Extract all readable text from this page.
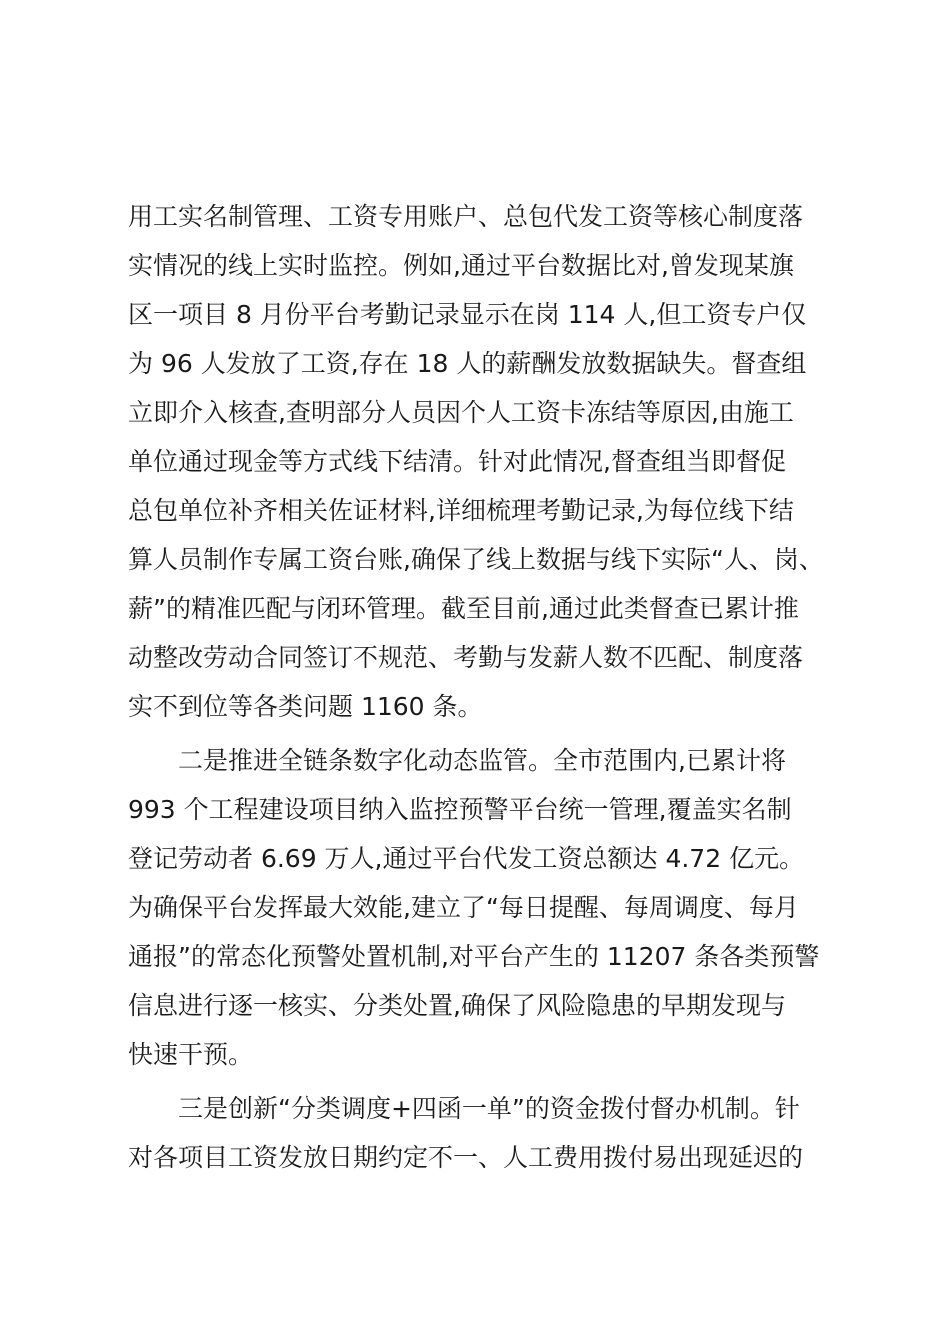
用工实名制管理、工资专用账户、总包代发工资等核心制度落
实情况的线上实时监控。例如,通过平台数据比对,曾发现某旗
区一项目 8 月份平台考勤记录显示在岗 114 人,但工资专户仅
为 96 人发放了工资,存在 18 人的薪酬发放数据缺失。督查组
立即介入核查,查明部分人员因个人工资卡冻结等原因,由施工
单位通过现金等方式线下结清。针对此情况,督查组当即督促
总包单位补齐相关佐证材料,详细梳理考勤记录,为每位线下结
算人员制作专属工资台账,确保了线上数据与线下实际“人、岗、
薪”的精准匹配与闭环管理。截至目前,通过此类督查已累计推
动整改劳动合同签订不规范、考勤与发薪人数不匹配、制度落
实不到位等各类问题 1160 条。

二是推进全链条数字化动态监管。全市范围内,已累计将
993 个工程建设项目纳入监控预警平台统一管理,覆盖实名制
登记劳动者 6.69 万人,通过平台代发工资总额达 4.72 亿元。
为确保平台发挥最大效能,建立了“每日提醒、每周调度、每月
通报”的常态化预警处置机制,对平台产生的 11207 条各类预警
信息进行逐一核实、分类处置,确保了风险隐患的早期发现与
快速干预。

三是创新“分类调度+四函一单”的资金拨付督办机制。针
对各项目工资发放日期约定不一、人工费用拨付易出现延迟的
